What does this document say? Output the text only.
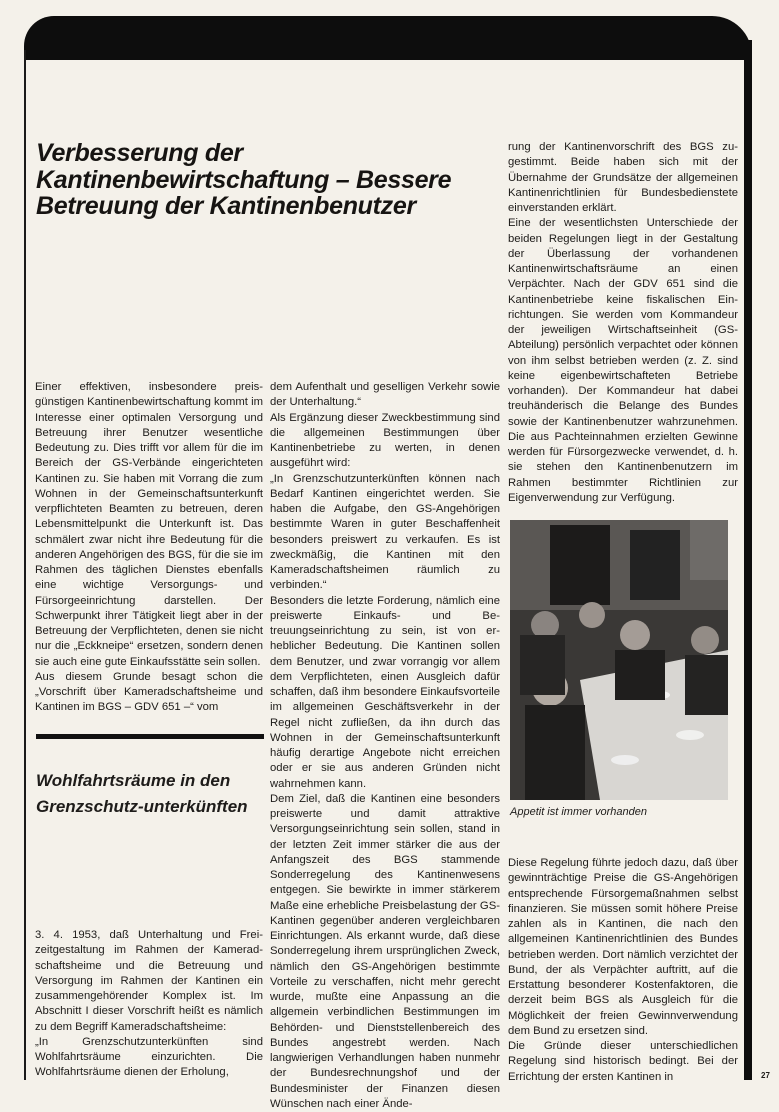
Verbesserung der Kantinenbewirtschaftung – Bessere Betreuung der Kantinenbenutzer

Einer effektiven, insbesondere preisgünstigen Kantinenbewirtschaftung kommt im Interesse einer optimalen Versorgung und Betreuung ihrer Benutzer wesentliche Bedeutung zu. Dies trifft vor allem für die im Bereich der GS-Verbände eingerichteten Kantinen zu. Sie haben mit Vorrang die zum Wohnen in der Gemeinschaftsunterkunft verpflichteten Beamten zu betreuen, deren Lebensmittelpunkt die Unterkunft ist. Das schmälert zwar nicht ihre Bedeutung für die anderen Angehörigen des BGS, für die sie im Rahmen des täglichen Dienstes ebenfalls eine wichtige Versorgungs- und Fürsorgeeinrichtung darstellen. Der Schwerpunkt ihrer Tätigkeit liegt aber in der Betreuung der Verpflichteten, denen sie nicht nur die „Eckkneipe“ ersetzen, sondern denen sie auch eine gute Einkaufsstätte sein sollen.

Aus diesem Grunde besagt schon die „Vorschrift über Kameradschaftsheime und Kantinen im BGS – GDV 651 –“ vom

Wohlfahrtsräume in den Grenzschutz-unterkünften

3. 4. 1953, daß Unterhaltung und Freizeitgestaltung im Rahmen der Kameradschaftsheime und die Betreuung und Versorgung im Rahmen der Kantinen ein zusammengehörender Komplex ist. Im Abschnitt I dieser Vorschrift heißt es nämlich zu dem Begriff Kameradschaftsheime:

„In Grenzschutzunterkünften sind Wohlfahrtsräume einzurichten. Die Wohlfahrtsräume dienen der Erholung,

dem Aufenthalt und geselligen Verkehr sowie der Unterhaltung.“

Als Ergänzung dieser Zweckbestimmung sind die allgemeinen Bestimmungen über Kantinenbetriebe zu werten, in denen ausgeführt wird:

„In Grenzschutzunterkünften können nach Bedarf Kantinen eingerichtet werden. Sie haben die Aufgabe, den GS-Angehörigen bestimmte Waren in guter Beschaffenheit besonders preiswert zu verkaufen. Es ist zweckmäßig, die Kantinen mit den Kameradschaftsheimen räumlich zu verbinden.“

Besonders die letzte Forderung, nämlich eine preiswerte Einkaufs- und Betreuungseinrichtung zu sein, ist von erheblicher Bedeutung. Die Kantinen sollen dem Benutzer, und zwar vorrangig vor allem dem Verpflichteten, einen Ausgleich dafür schaffen, daß ihm besondere Einkaufsvorteile im allgemeinen Geschäftsverkehr in der Regel nicht zufließen, da ihn durch das Wohnen in der Gemeinschaftsunterkunft häufig derartige Angebote nicht erreichen oder er sie aus anderen Gründen nicht wahrnehmen kann.

Dem Ziel, daß die Kantinen eine besonders preiswerte und damit attraktive Versorgungseinrichtung sein sollen, stand in der letzten Zeit immer stärker die aus der Anfangszeit des BGS stammende Sonderregelung des Kantinenwesens entgegen. Sie bewirkte in immer stärkerem Maße eine erhebliche Preisbelastung der GS-Kantinen gegenüber anderen vergleichbaren Einrichtungen. Als erkannt wurde, daß diese Sonderregelung ihrem ursprünglichen Zweck, nämlich den GS-Angehörigen bestimmte Vorteile zu verschaffen, nicht mehr gerecht wurde, mußte eine Anpassung an die allgemein verbindlichen Bestimmungen im Behörden- und Dienststellenbereich des Bundes angestrebt werden. Nach langwierigen Verhandlungen haben nunmehr der Bundesrechnungshof und der Bundesminister der Finanzen diesen Wünschen nach einer Ände-

rung der Kantinenvorschrift des BGS zugestimmt. Beide haben sich mit der Übernahme der Grundsätze der allgemeinen Kantinenrichtlinien für Bundesbedienstete einverstanden erklärt.

Eine der wesentlichsten Unterschiede der beiden Regelungen liegt in der Gestaltung der Überlassung der vorhandenen Kantinenwirtschaftsräume an einen Verpächter. Nach der GDV 651 sind die Kantinenbetriebe keine fiskalischen Einrichtungen. Sie werden vom Kommandeur der jeweiligen Wirtschaftseinheit (GS-Abteilung) persönlich verpachtet oder können von ihm selbst betrieben werden (z. Z. sind keine eigenbewirtschafteten Betriebe vorhanden). Der Kommandeur hat dabei treuhänderisch die Belange des Bundes sowie der Kantinenbenutzer wahrzunehmen. Die aus Pachteinnahmen erzielten Gewinne werden für Fürsorgezwecke verwendet, d. h. sie stehen den Kantinenbenutzern im Rahmen bestimmter Richtlinien zur Eigenverwendung zur Verfügung.

Appetit ist immer vorhanden

Diese Regelung führte jedoch dazu, daß über gewinnträchtige Preise die GS-Angehörigen entsprechende Fürsorgemaßnahmen selbst finanzieren. Sie müssen somit höhere Preise zahlen als in Kantinen, die nach den allgemeinen Kantinenrichtlinien des Bundes betrieben werden. Dort nämlich verzichtet der Bund, der als Verpächter auftritt, auf die Erstattung besonderer Kostenfaktoren, die derzeit beim BGS als Ausgleich für die Möglichkeit der freien Gewinnverwendung dem Bund zu ersetzen sind.

Die Gründe dieser unterschiedlichen Regelung sind historisch bedingt. Bei der Errichtung der ersten Kantinen in	27
